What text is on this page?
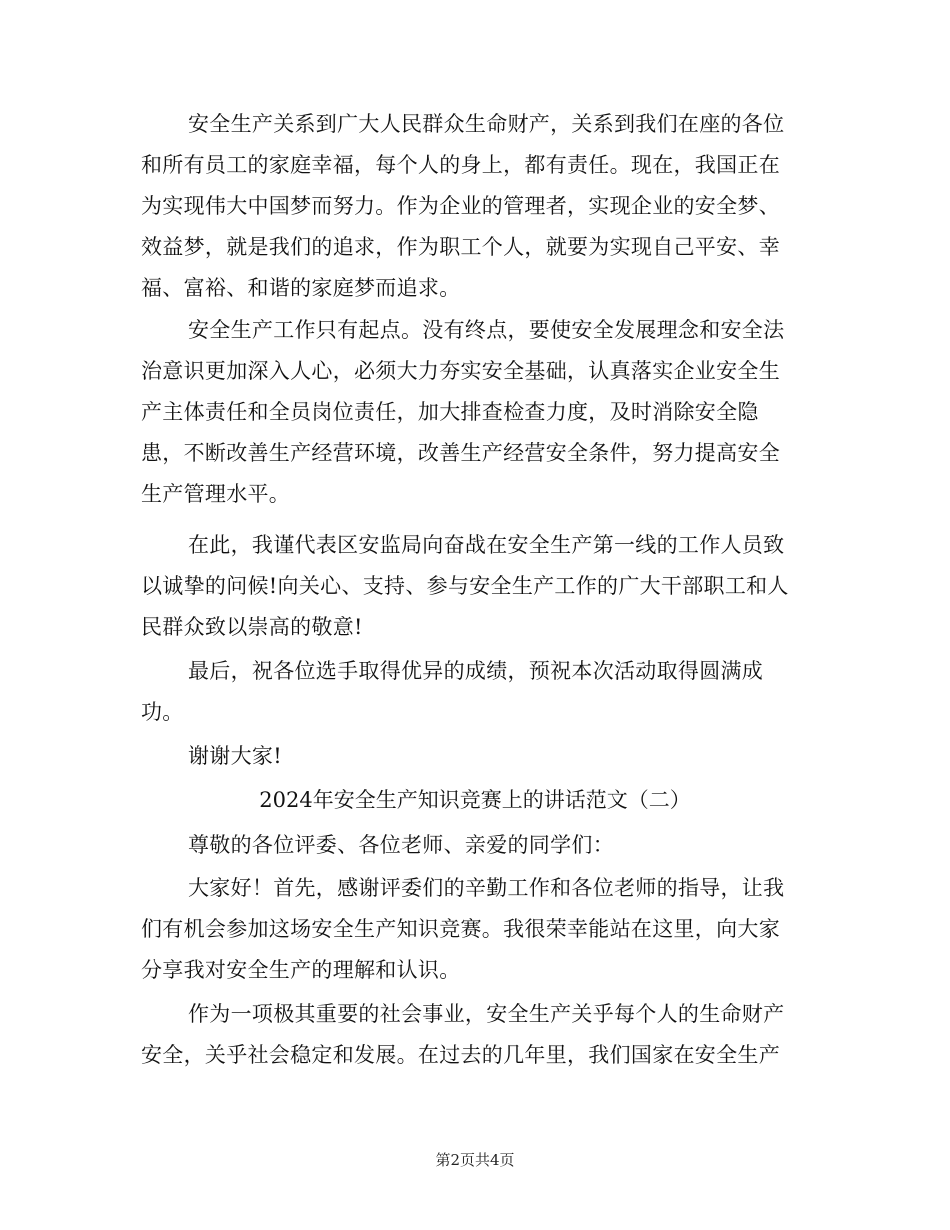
安全生产关系到广大人民群众生命财产，关系到我们在座的各位
和所有员工的家庭幸福，每个人的身上，都有责任。现在，我国正在
为实现伟大中国梦而努力。作为企业的管理者，实现企业的安全梦、
效益梦，就是我们的追求，作为职工个人，就要为实现自己平安、幸
福、富裕、和谐的家庭梦而追求。
安全生产工作只有起点。没有终点，要使安全发展理念和安全法
治意识更加深入人心，必须大力夯实安全基础，认真落实企业安全生
产主体责任和全员岗位责任，加大排查检查力度，及时消除安全隐
患，不断改善生产经营环境，改善生产经营安全条件，努力提高安全
生产管理水平。
在此，我谨代表区安监局向奋战在安全生产第一线的工作人员致
以诚挚的问候!向关心、支持、参与安全生产工作的广大干部职工和人
民群众致以崇高的敬意!
最后，祝各位选手取得优异的成绩，预祝本次活动取得圆满成
功。
谢谢大家!
2024年安全生产知识竞赛上的讲话范文（二）
尊敬的各位评委、各位老师、亲爱的同学们：
大家好！首先，感谢评委们的辛勤工作和各位老师的指导，让我
们有机会参加这场安全生产知识竞赛。我很荣幸能站在这里，向大家
分享我对安全生产的理解和认识。
作为一项极其重要的社会事业，安全生产关乎每个人的生命财产
安全，关乎社会稳定和发展。在过去的几年里，我们国家在安全生产
第2页共4页
